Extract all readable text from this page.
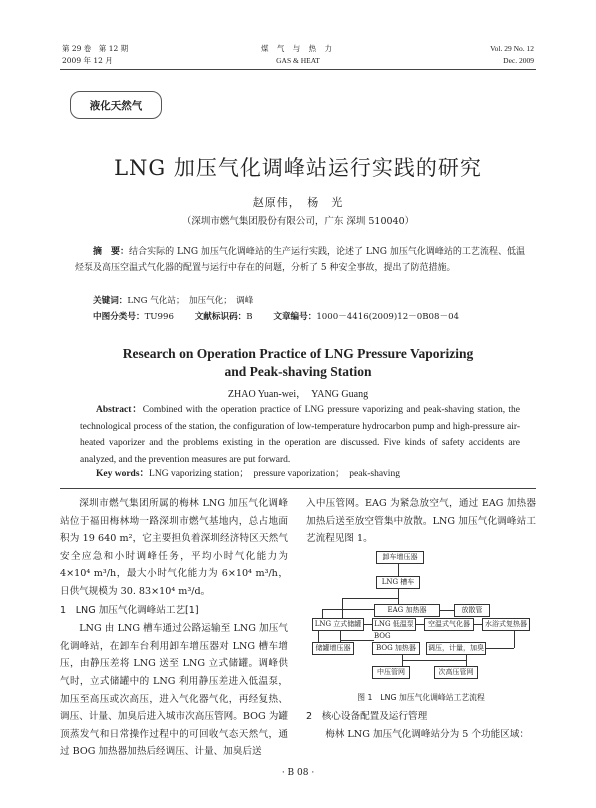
第 29 卷　第 12 期
2009 年 12 月
煤 气 与 热 力
GAS & HEAT
Vol. 29 No. 12
Dec. 2009
液化天然气
LNG 加压气化调峰站运行实践的研究
赵原伟，　杨　光
（深圳市燃气集团股份有限公司，广东 深圳 510040）
摘　要：结合实际的 LNG 加压气化调峰站的生产运行实践，论述了 LNG 加压气化调峰站的工艺流程、低温烃泵及高压空温式气化器的配置与运行中存在的问题，分析了 5 种安全事故，提出了防范措施。
关键词：LNG 气化站；　加压气化；　调峰
中图分类号：TU996 文献标识码：B 文章编号：1000－4416(2009)12－0B08－04
Research on Operation Practice of LNG Pressure Vaporizing
and Peak-shaving Station
ZHAO Yuan-wei，　YANG Guang
Abstract：Combined with the operation practice of LNG pressure vaporizing and peak-shaving station, the technological process of the station, the configuration of low-temperature hydrocarbon pump and high-pressure air-heated vaporizer and the problems existing in the operation are discussed. Five kinds of safety accidents are analyzed, and the prevention measures are put forward.
Key words：LNG vaporizing station；　pressure vaporization；　peak-shaving
深圳市燃气集团所属的梅林 LNG 加压气化调峰站位于福田梅林坳一路深圳市燃气基地内，总占地面积为 19 640 m²，它主要担负着深圳经济特区天然气安全应急和小时调峰任务，平均小时气化能力为 4×10⁴ m³/h，最大小时气化能力为 6×10⁴ m³/h，日供气规模为 30. 83×10⁴ m³/d。
1　LNG 加压气化调峰站工艺[1]
LNG 由 LNG 槽车通过公路运输至 LNG 加压气化调峰站，在卸车台利用卸车增压器对 LNG 槽车增压，由静压差将 LNG 送至 LNG 立式储罐。调峰供气时，立式储罐中的 LNG 利用静压差进入低温泵，加压至高压或次高压，进入气化器气化，再经复热、调压、计量、加臭后进入城市次高压管网。BOG 为罐顶蒸发气和日常操作过程中的可回收气态天然气，通过 BOG 加热器加热后经调压、计量、加臭后送
入中压管网。EAG 为紧急放空气，通过 EAG 加热器加热后送至放空管集中放散。LNG 加压气化调峰站工艺流程见图 1。
卸车增压器
LNG 槽车
EAG 加热器	放散管
LNG 立式储罐	LNG 低温泵	空温式气化器	水浴式复热器
BOG
储罐增压器	BOG 加热器	调压，计量，加臭
中压管网	次高压管网
图 1　LNG 加压气化调峰站工艺流程
2　核心设备配置及运行管理
梅林 LNG 加压气化调峰站分为 5 个功能区域：
· B 08 ·
